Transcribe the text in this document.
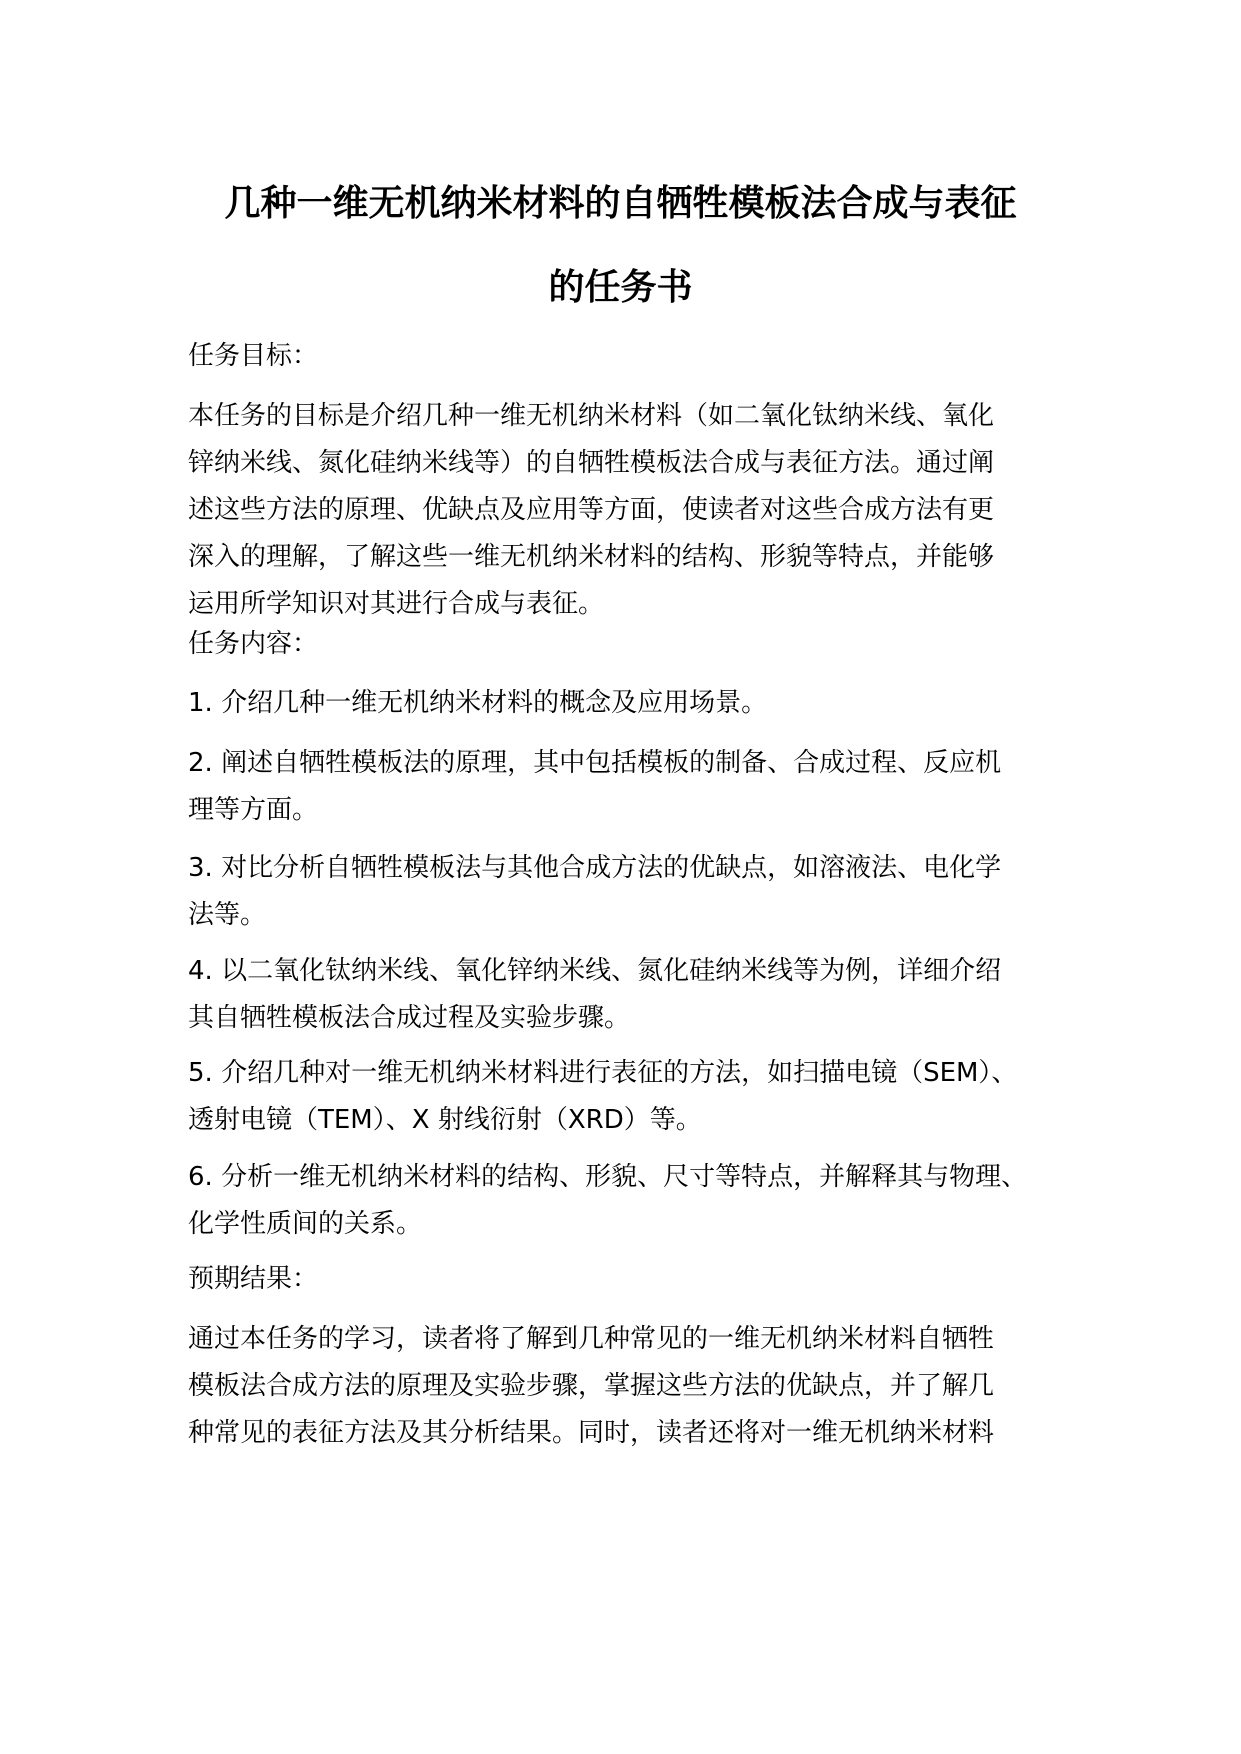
几种一维无机纳米材料的自牺牲模板法合成与表征
的任务书

任务目标：

本任务的目标是介绍几种一维无机纳米材料（如二氧化钛纳米线、氧化
锌纳米线、氮化硅纳米线等）的自牺牲模板法合成与表征方法。通过阐
述这些方法的原理、优缺点及应用等方面，使读者对这些合成方法有更
深入的理解，了解这些一维无机纳米材料的结构、形貌等特点，并能够
运用所学知识对其进行合成与表征。

任务内容：

1. 介绍几种一维无机纳米材料的概念及应用场景。

2. 阐述自牺牲模板法的原理，其中包括模板的制备、合成过程、反应机
理等方面。

3. 对比分析自牺牲模板法与其他合成方法的优缺点，如溶液法、电化学
法等。

4. 以二氧化钛纳米线、氧化锌纳米线、氮化硅纳米线等为例，详细介绍
其自牺牲模板法合成过程及实验步骤。

5. 介绍几种对一维无机纳米材料进行表征的方法，如扫描电镜（SEM）、
透射电镜（TEM）、X 射线衍射（XRD）等。

6. 分析一维无机纳米材料的结构、形貌、尺寸等特点，并解释其与物理、
化学性质间的关系。

预期结果：

通过本任务的学习，读者将了解到几种常见的一维无机纳米材料自牺牲
模板法合成方法的原理及实验步骤，掌握这些方法的优缺点，并了解几
种常见的表征方法及其分析结果。同时，读者还将对一维无机纳米材料
